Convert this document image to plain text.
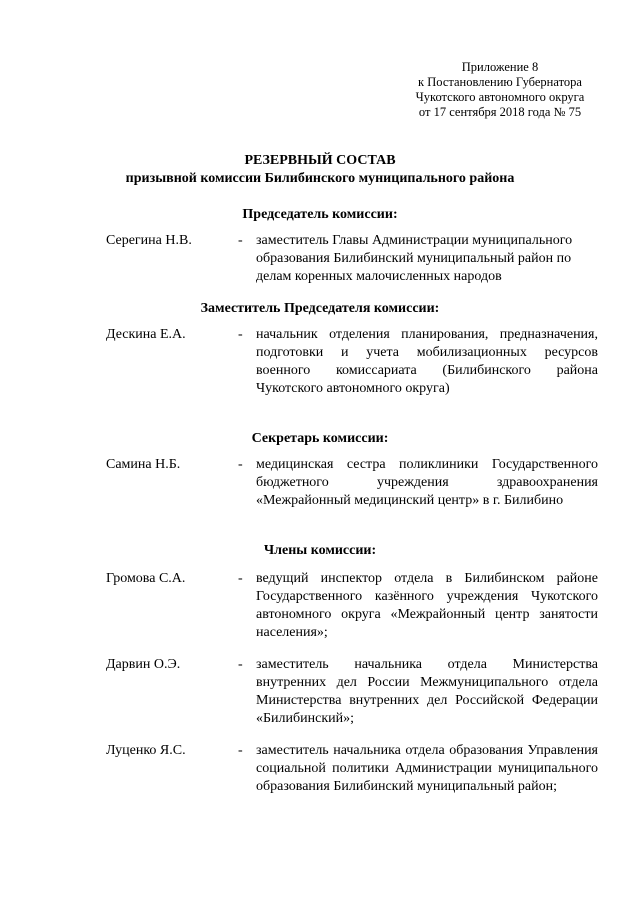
Приложение 8
к Постановлению Губернатора
Чукотского автономного округа
от 17 сентября 2018 года № 75
РЕЗЕРВНЫЙ СОСТАВ
призывной комиссии Билибинского муниципального района
Председатель комиссии:
Серегина Н.В.	- заместитель Главы Администрации муниципального образования Билибинский муниципальный район по делам коренных малочисленных народов
Заместитель Председателя комиссии:
Дескина Е.А.	- начальник отделения планирования, предназначения, подготовки и учета мобилизационных ресурсов военного комиссариата (Билибинского района Чукотского автономного округа)
Секретарь комиссии:
Самина Н.Б.	- медицинская сестра поликлиники Государственного бюджетного учреждения здравоохранения «Межрайонный медицинский центр» в г. Билибино
Члены комиссии:
Громова С.А.	- ведущий инспектор отдела в Билибинском районе Государственного казённого учреждения Чукотского автономного округа «Межрайонный центр занятости населения»;
Дарвин О.Э.	- заместитель начальника отдела Министерства внутренних дел России Межмуниципального отдела Министерства внутренних дел Российской Федерации «Билибинский»;
Луценко Я.С.	- заместитель начальника отдела образования Управления социальной политики Администрации муниципального образования Билибинский муниципальный район;
